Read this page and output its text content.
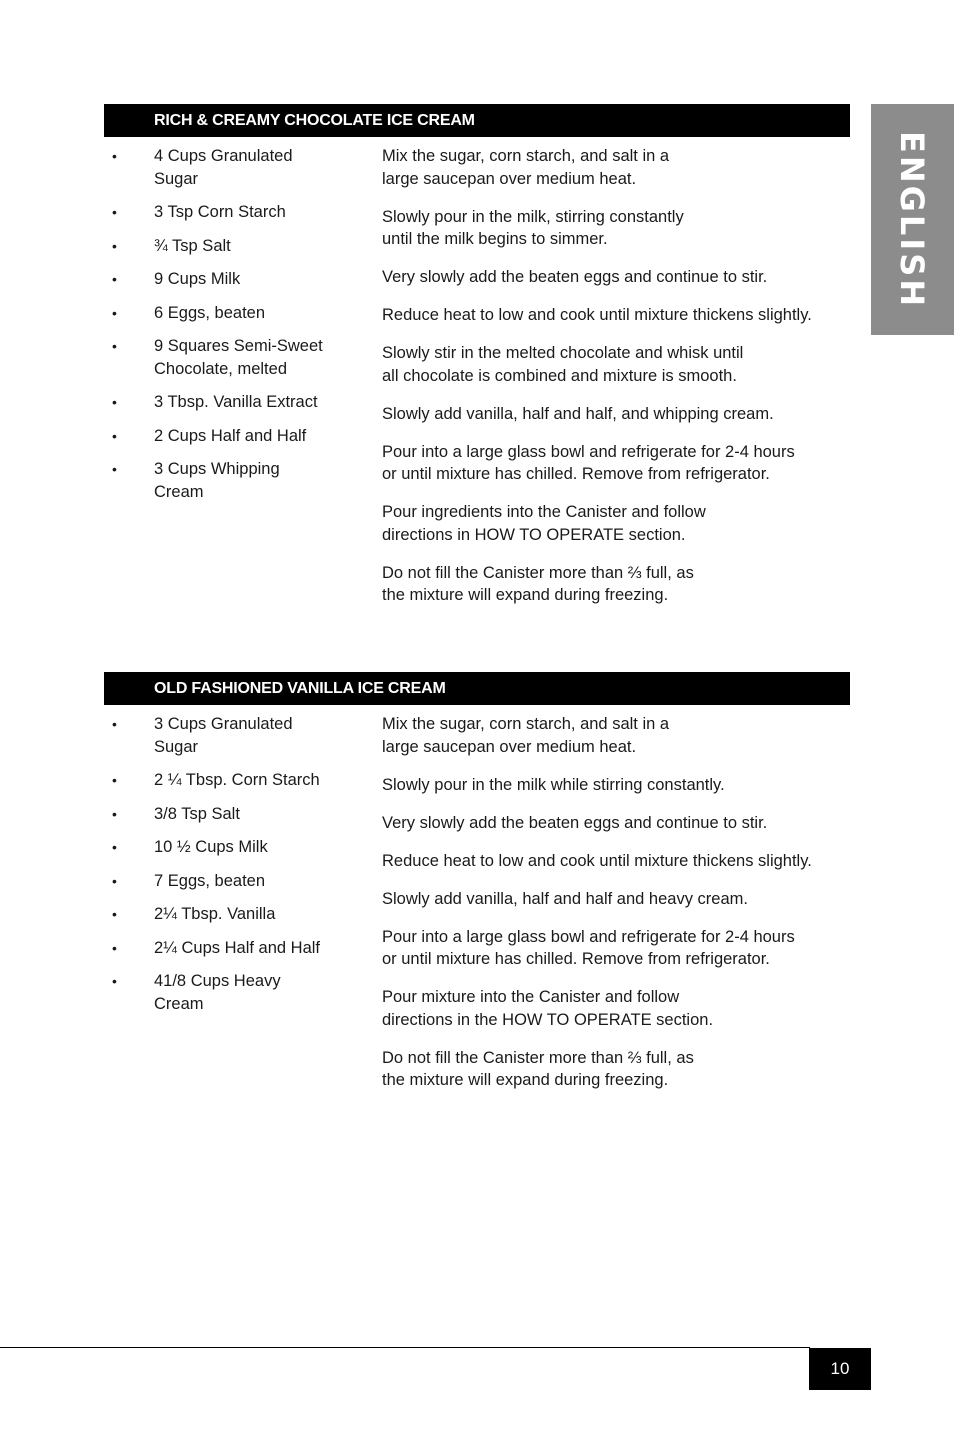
ENGLISH
RICH & CREAMY CHOCOLATE ICE CREAM
• 4 Cups Granulated
Sugar
• 3 Tsp Corn Starch
• ¾ Tsp Salt
• 9 Cups Milk
• 6 Eggs, beaten
• 9 Squares Semi-Sweet
Chocolate, melted
• 3 Tbsp. Vanilla Extract
• 2 Cups Half and Half
• 3 Cups Whipping
Cream
Mix the sugar, corn starch, and salt in a
large saucepan over medium heat.
Slowly pour in the milk, stirring constantly
until the milk begins to simmer.
Very slowly add the beaten eggs and continue to stir.
Reduce heat to low and cook until mixture thickens slightly.
Slowly stir in the melted chocolate and whisk until
all chocolate is combined and mixture is smooth.
Slowly add vanilla, half and half, and whipping cream.
Pour into a large glass bowl and refrigerate for 2-4 hours
or until mixture has chilled. Remove from refrigerator.
Pour ingredients into the Canister and follow
directions in HOW TO OPERATE section.
Do not fill the Canister more than ⅔ full, as
the mixture will expand during freezing.
OLD FASHIONED VANILLA ICE CREAM
• 3 Cups Granulated
Sugar
• 2 ¼ Tbsp. Corn Starch
• 3/8 Tsp Salt
• 10 ½ Cups Milk
• 7 Eggs, beaten
• 2¼ Tbsp. Vanilla
• 2¼ Cups Half and Half
• 41/8 Cups Heavy
Cream
Mix the sugar, corn starch, and salt in a
large saucepan over medium heat.
Slowly pour in the milk while stirring constantly.
Very slowly add the beaten eggs and continue to stir.
Reduce heat to low and cook until mixture thickens slightly.
Slowly add vanilla, half and half and heavy cream.
Pour into a large glass bowl and refrigerate for 2-4 hours
or until mixture has chilled. Remove from refrigerator.
Pour mixture into the Canister and follow
directions in the HOW TO OPERATE section.
Do not fill the Canister more than ⅔ full, as
the mixture will expand during freezing.
10
